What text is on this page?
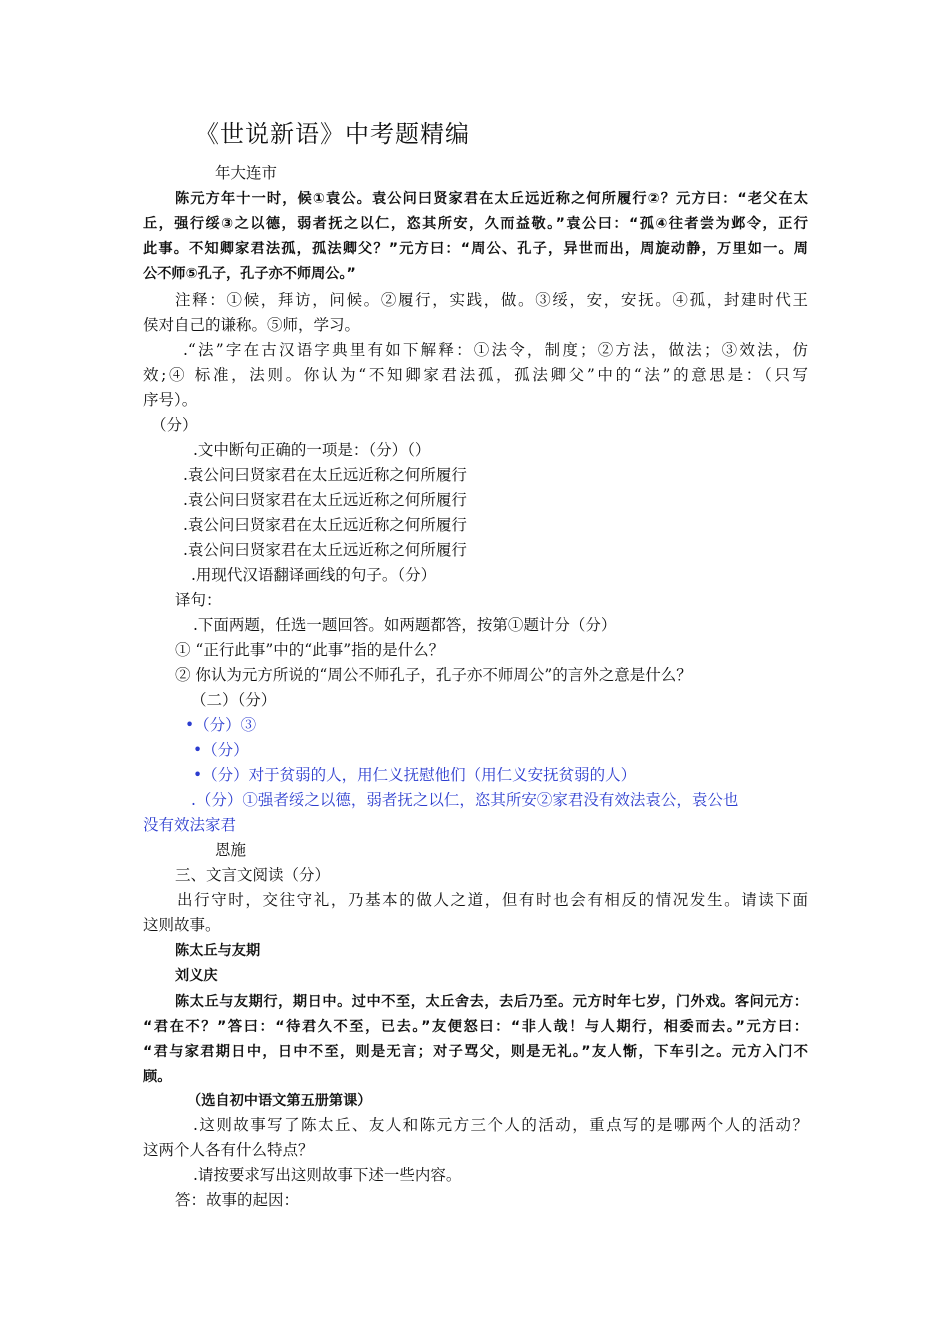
《世说新语》中考题精编
年大连市
陈元方年十一时，候①袁公。袁公问曰贤家君在太丘远近称之何所履行②？元方曰：“老父在太
丘，强行绥③之以德，弱者抚之以仁，恣其所安，久而益敬。”袁公曰：“孤④往者尝为邺令，正行
此事。不知卿家君法孤，孤法卿父？”元方曰：“周公、孔子，异世而出，周旋动静，万里如一。周
公不师⑤孔子，孔子亦不师周公。”
注释：①候，拜访，问候。②履行，实践，做。③绥，安，安抚。④孤，封建时代王
侯对自己的谦称。⑤师，学习。
.“法”字在古汉语字典里有如下解释：①法令，制度；②方法，做法；③效法，仿
效;④ 标准，法则。你认为“不知卿家君法孤，孤法卿父”中的“法”的意思是：（只写
序号）。
（分）
.文中断句正确的一项是：（分）（）
.袁公问曰贤家君在太丘远近称之何所履行
.袁公问曰贤家君在太丘远近称之何所履行
.袁公问曰贤家君在太丘远近称之何所履行
.袁公问曰贤家君在太丘远近称之何所履行
.用现代汉语翻译画线的句子。（分）
译句：
.下面两题，任选一题回答。如两题都答，按第①题计分（分）
① “正行此事”中的“此事”指的是什么？
② 你认为元方所说的“周公不师孔子，孔子亦不师周公”的言外之意是什么？
（二）（分）
•（分）③
•（分）
•（分）对于贫弱的人，用仁义抚慰他们（用仁义安抚贫弱的人）
.（分）①强者绥之以德，弱者抚之以仁，恣其所安②家君没有效法袁公，袁公也
没有效法家君
恩施
三、文言文阅读（分）
出行守时，交往守礼，乃基本的做人之道，但有时也会有相反的情况发生。请读下面
这则故事。
陈太丘与友期
刘义庆
陈太丘与友期行，期日中。过中不至，太丘舍去，去后乃至。元方时年七岁，门外戏。客问元方：
“君在不？”答曰：“待君久不至，已去。”友便怒曰：“非人哉！与人期行，相委而去。”元方曰：
“君与家君期日中，日中不至，则是无言；对子骂父，则是无礼。”友人惭，下车引之。元方入门不
顾。
（选自初中语文第五册第课）
.这则故事写了陈太丘、友人和陈元方三个人的活动，重点写的是哪两个人的活动？
这两个人各有什么特点？
.请按要求写出这则故事下述一些内容。
答：故事的起因：
